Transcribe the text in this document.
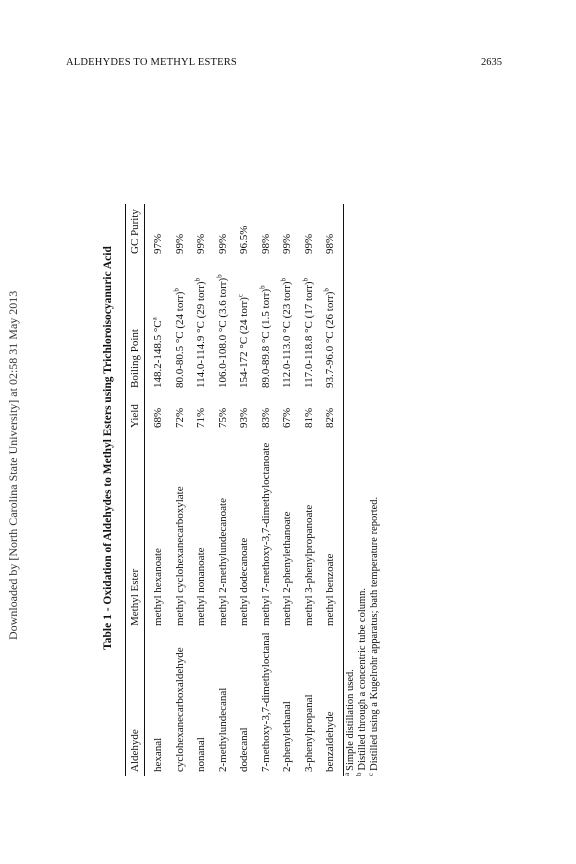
ALDEHYDES TO METHYL ESTERS	2635
Downloaded by [North Carolina State University] at 02:58 31 May 2013	Table 1 - Oxidation of Aldehydes to Methyl Esters using Trichloroisocyanuric Acid
Aldehyde
Methyl Ester
Yield
Boiling Point
GC Purity
hexanal
methyl hexanoate
68%
148.2-148.5 $^\circ C^a$
97%
cyclohexanecarboxaldehyde
methyl cyclohexanecarboxylate
72%
80.0-80.5 °C (24 torr)$^b$
99%
nonanal
methyl nonanoate
71%
114.0-114.9 °C (29 torr)$^b$
99%
2-methylundecanal
methyl 2-methylundecanoate
75%
106.0-108.0 °C (3.6 torr)$^b$
99%
dodecanal
methyl dodecanoate
93%
154-172 °C (24 torr)$^c$
96.5%
7-methoxy-3,7-dimethyloctanal
methyl 7-methoxy-3,7-dimethyloctanoate
83%
89.0-89.8 °C (1.5 torr)$^b$
98%
2-phenylethanal
methyl 2-phenylethanoate
67%
112.0-113.0 °C (23 torr)$^b$
99%
3-phenylpropanal
methyl 3-phenylpropanoate
81%
117.0-118.8 °C (17 torr)$^b$
99%
benzaldehyde
methyl benzoate
82%
93.7-96.0 °C (26 torr)$^b$
98%
$^a$Simple distillation used.
$^b$Distilled through a concentric tube column.
$^c$Distilled using a Kugelrohr apparatus; bath temperature reported.
